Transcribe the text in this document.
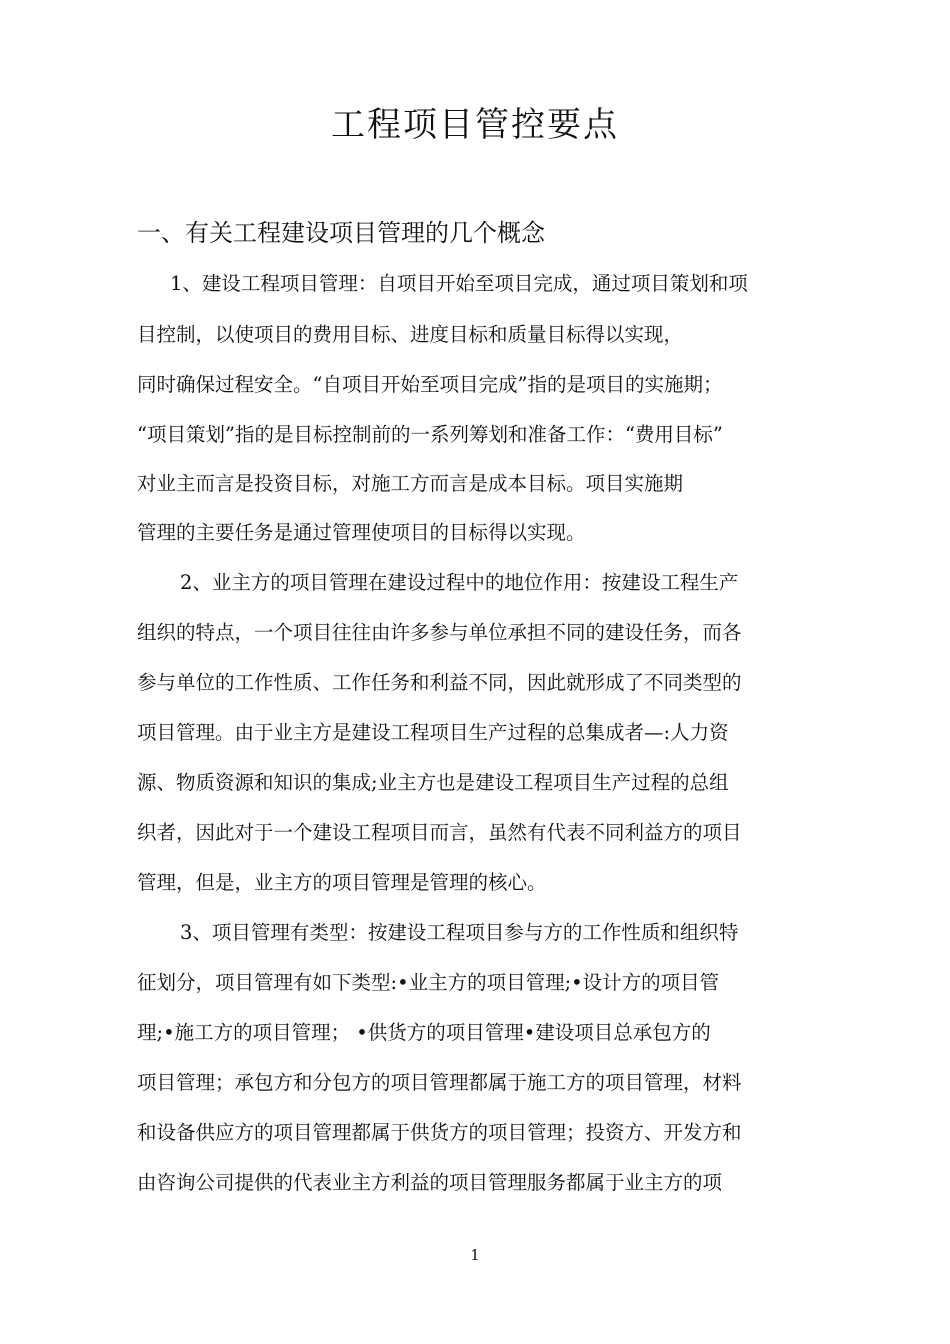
工程项目管控要点
一、有关工程建设项目管理的几个概念

1、建设工程项目管理：自项目开始至项目完成，通过项目策划和项

目控制，以使项目的费用目标、进度目标和质量目标得以实现，

同时确保过程安全。“自项目开始至项目完成”指的是项目的实施期；

“项目策划”指的是目标控制前的一系列筹划和准备工作：“费用目标”

对业主而言是投资目标，对施工方而言是成本目标。项目实施期

管理的主要任务是通过管理使项目的目标得以实现。

2、业主方的项目管理在建设过程中的地位作用：按建设工程生产

组织的特点，一个项目往往由许多参与单位承担不同的建设任务，而各

参与单位的工作性质、工作任务和利益不同，因此就形成了不同类型的

项目管理。由于业主方是建设工程项目生产过程的总集成者—:人力资

源、物质资源和知识的集成;业主方也是建设工程项目生产过程的总组

织者，因此对于一个建设工程项目而言，虽然有代表不同利益方的项目

管理，但是，业主方的项目管理是管理的核心。

3、项目管理有类型：按建设工程项目参与方的工作性质和组织特

征划分，项目管理有如下类型:•业主方的项目管理;•设计方的项目管

理;•施工方的项目管理； •供货方的项目管理•建设项目总承包方的

项目管理；承包方和分包方的项目管理都属于施工方的项目管理，材料

和设备供应方的项目管理都属于供货方的项目管理；投资方、开发方和

由咨询公司提供的代表业主方利益的项目管理服务都属于业主方的项

1
